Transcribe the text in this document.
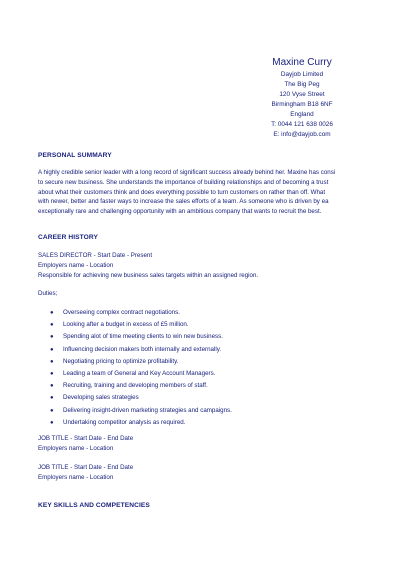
Maxine Curry
Dayjob Limited
The Big Peg
120 Vyse Street
Birmingham B18 6NF
England
T: 0044 121 638 0026
E: info@dayjob.com
PERSONAL SUMMARY
A highly credible senior leader with a long record of significant success already behind her. Maxine has consi
to secure new business. She understands the importance of building relationships and of becoming a trust
about what their customers think and does everything possible to turn customers on rather than off. What
with newer, better and faster ways to increase the sales efforts of a team. As someone who is driven by ea
exceptionally rare and challenging opportunity with an ambitious company that wants to recruit the best.
CAREER HISTORY
SALES DIRECTOR - Start Date - Present
Employers name - Location
Responsible for achieving new business sales targets within an assigned region.
Duties;
● Overseeing complex contract negotiations.
● Looking after a budget in excess of £5 million.
● Spending alot of time meeting clients to win new business.
● Influencing decision makers both internally and externally.
● Negotiating pricing to optimize profitability.
● Leading a team of General and Key Account Managers.
● Recruiting, training and developing members of staff.
● Developing sales strategies
● Delivering insight-driven marketing strategies and campaigns.
● Undertaking competitor analysis as required.
JOB TITLE - Start Date - End Date
Employers name - Location
JOB TITLE - Start Date - End Date
Employers name - Location
KEY SKILLS AND COMPETENCIES
